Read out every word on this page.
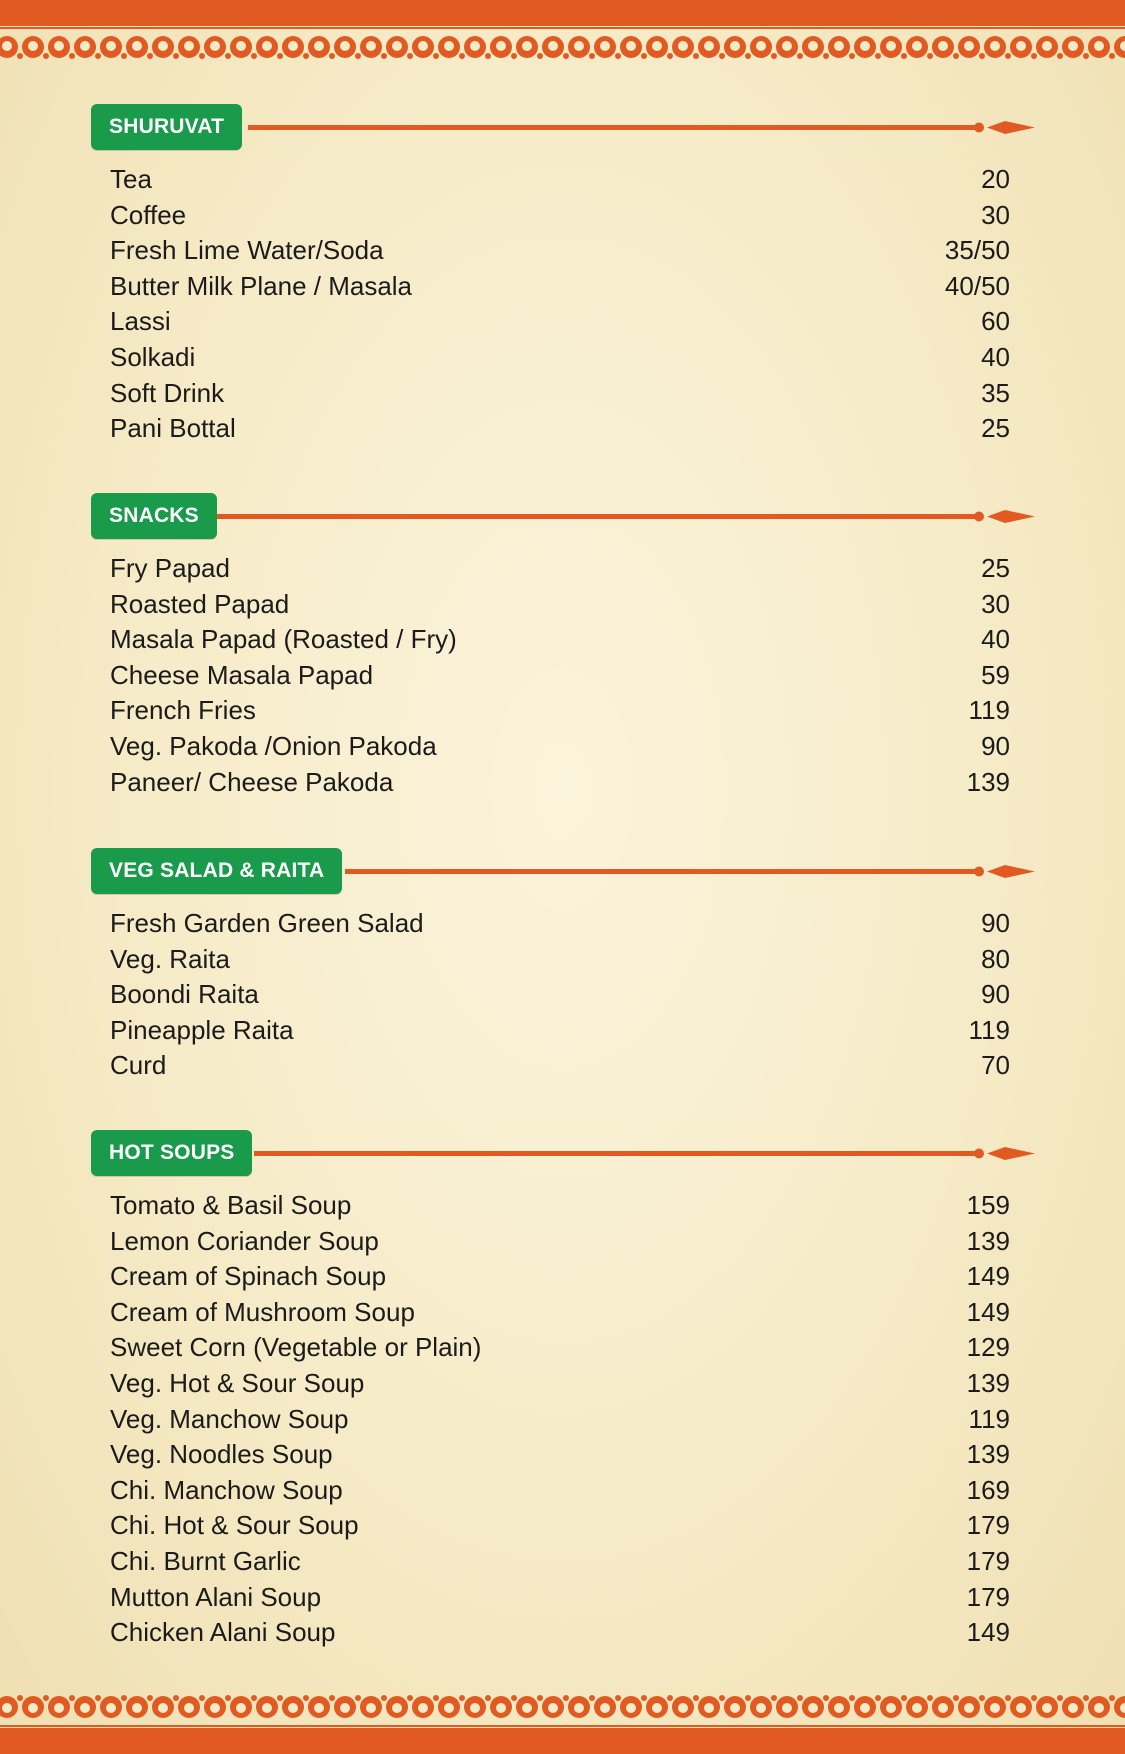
SHURUVAT
Tea	20
Coffee	30
Fresh Lime Water/Soda	35/50
Butter Milk Plane / Masala	40/50
Lassi	60
Solkadi	40
Soft Drink	35
Pani Bottal	25
SNACKS
Fry Papad	25
Roasted Papad	30
Masala Papad (Roasted / Fry)	40
Cheese Masala Papad	59
French Fries	119
Veg. Pakoda /Onion Pakoda	90
Paneer/ Cheese Pakoda	139
VEG SALAD & RAITA
Fresh Garden Green Salad	90
Veg. Raita	80
Boondi Raita	90
Pineapple Raita	119
Curd	70
HOT SOUPS
Tomato & Basil Soup	159
Lemon Coriander Soup	139
Cream of Spinach Soup	149
Cream of Mushroom Soup	149
Sweet Corn (Vegetable or Plain)	129
Veg. Hot & Sour Soup	139
Veg. Manchow Soup	119
Veg. Noodles Soup	139
Chi. Manchow Soup	169
Chi. Hot & Sour Soup	179
Chi. Burnt Garlic	179
Mutton Alani Soup	179
Chicken Alani Soup	149
